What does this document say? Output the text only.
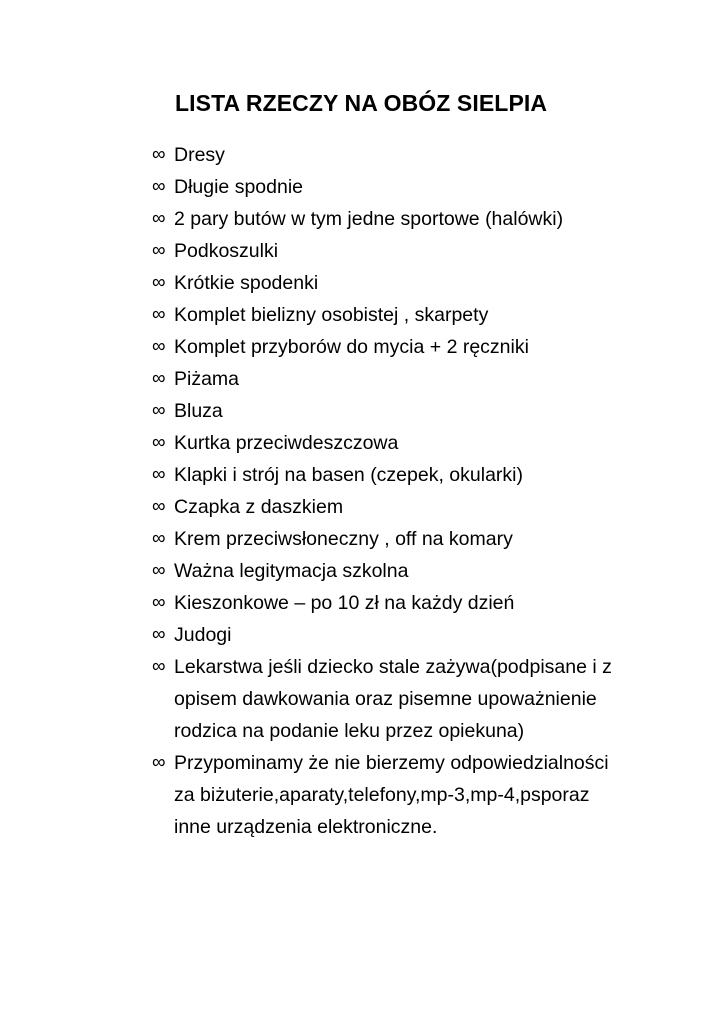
LISTA RZECZY NA OBÓZ SIELPIA
∞ Dresy
∞ Długie spodnie
∞ 2 pary butów w tym jedne sportowe (halówki)
∞ Podkoszulki
∞ Krótkie spodenki
∞ Komplet bielizny osobistej , skarpety
∞ Komplet przyborów do mycia + 2 ręczniki
∞ Piżama
∞ Bluza
∞ Kurtka przeciwdeszczowa
∞ Klapki i strój na basen (czepek, okularki)
∞ Czapka z daszkiem
∞ Krem przeciwsłoneczny , off na komary
∞ Ważna legitymacja szkolna
∞ Kieszonkowe – po 10 zł na każdy dzień
∞ Judogi
∞ Lekarstwa jeśli dziecko stale zażywa(podpisane i z
opisem dawkowania oraz pisemne upoważnienie
rodzica na podanie leku przez opiekuna)
∞ Przypominamy że nie bierzemy odpowiedzialności
za biżuterie,aparaty,telefony,mp-3,mp-4,psporaz
inne urządzenia elektroniczne.
